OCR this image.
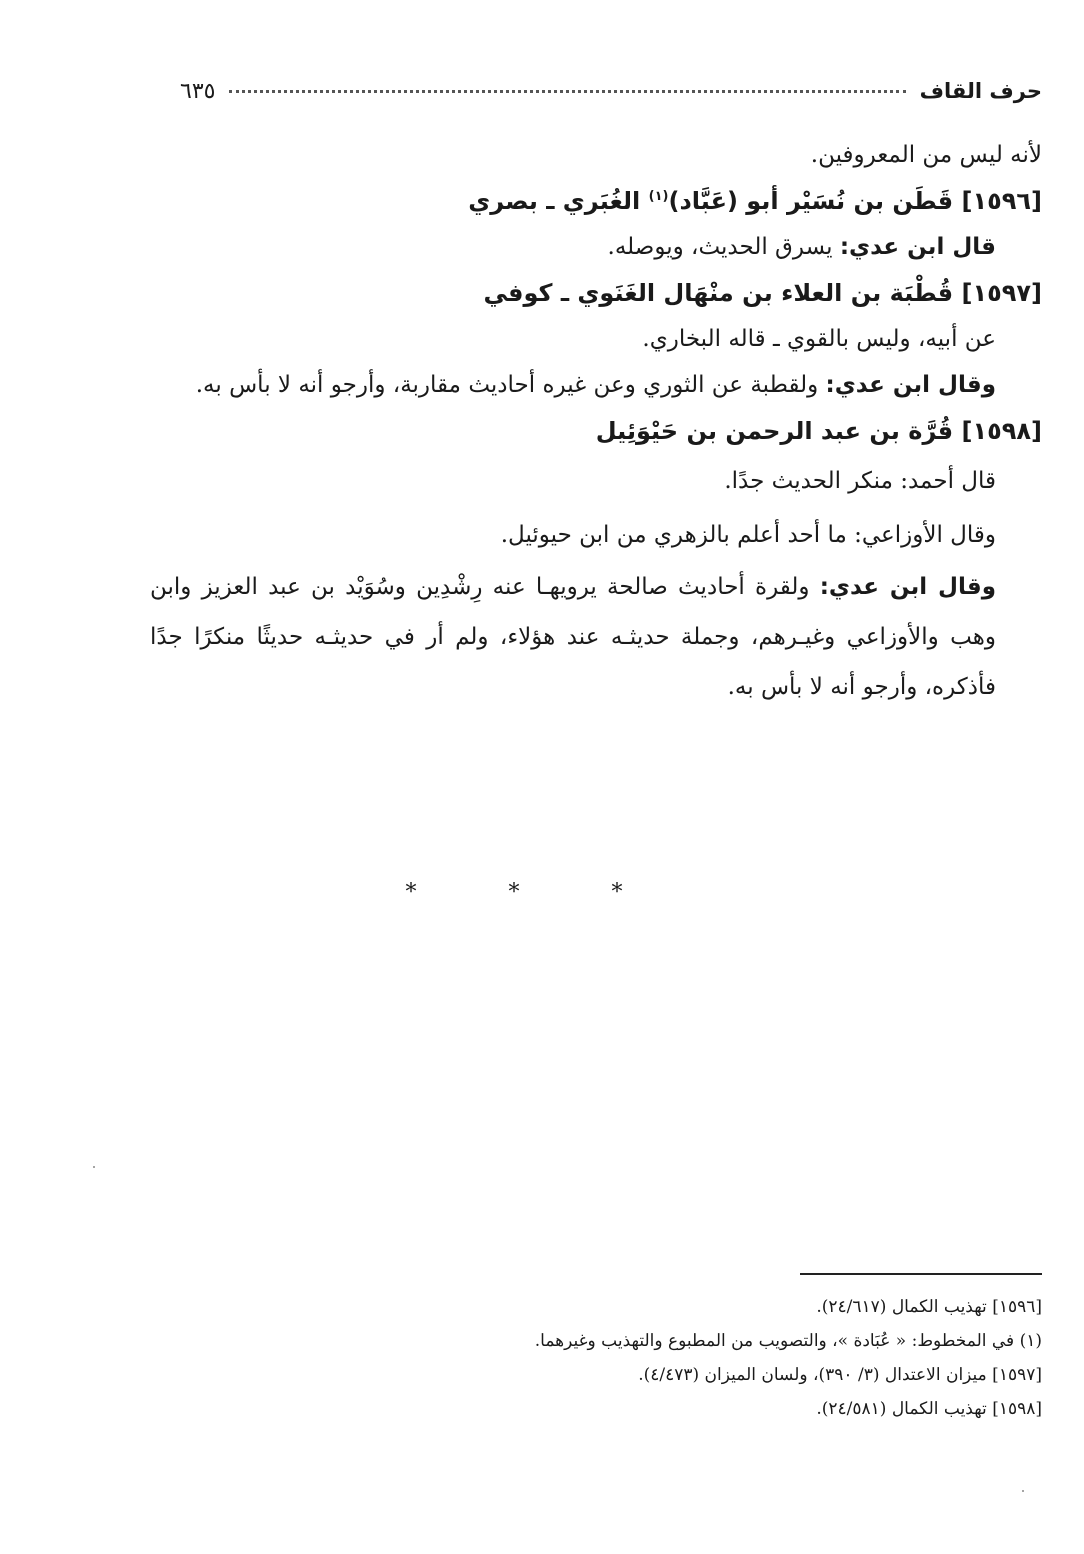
حرف القاف
٦٣٥

لأنه ليس من المعروفين.

[١٥٩٦] قَطَن بن نُسَيْر أبو (عَبَّاد)$^{(١)}$ الغُبَري ـ بصري

قال ابن عدي: يسرق الحديث، ويوصله.

[١٥٩٧] قُطْبَة بن العلاء بن منْهَال الغَنَوي ـ كوفي

عن أبيه، وليس بالقوي ـ قاله البخاري.

وقال ابن عدي: ولقطبة عن الثوري وعن غيره أحاديث مقاربة، وأرجو أنه لا بأس به.

[١٥٩٨] قُرَّة بن عبد الرحمن بن حَيْوَئِيل

قال أحمد: منكر الحديث جدًا.

وقال الأوزاعي: ما أحد أعلم بالزهري من ابن حيوئيل.

وقال ابن عدي: ولقرة أحاديث صالحة يرويهـا عنه رِشْدِين وسُوَيْد بن عبد العزيز وابن وهب والأوزاعي وغيـرهم، وجملة حديثـه عند هؤلاء، ولم أر في حديثـه حديثًا منكرًا جدًا فأذكره، وأرجو أنه لا بأس به.

* * *

[١٥٩٦] تهذيب الكمال (٢٤/٦١٧).

(١) في المخطوط: « عُبَادة »، والتصويب من المطبوع والتهذيب وغيرهما.

[١٥٩٧] ميزان الاعتدال (٣/ ٣٩٠)، ولسان الميزان (٤/٤٧٣).

[١٥٩٨] تهذيب الكمال (٢٤/٥٨١).
